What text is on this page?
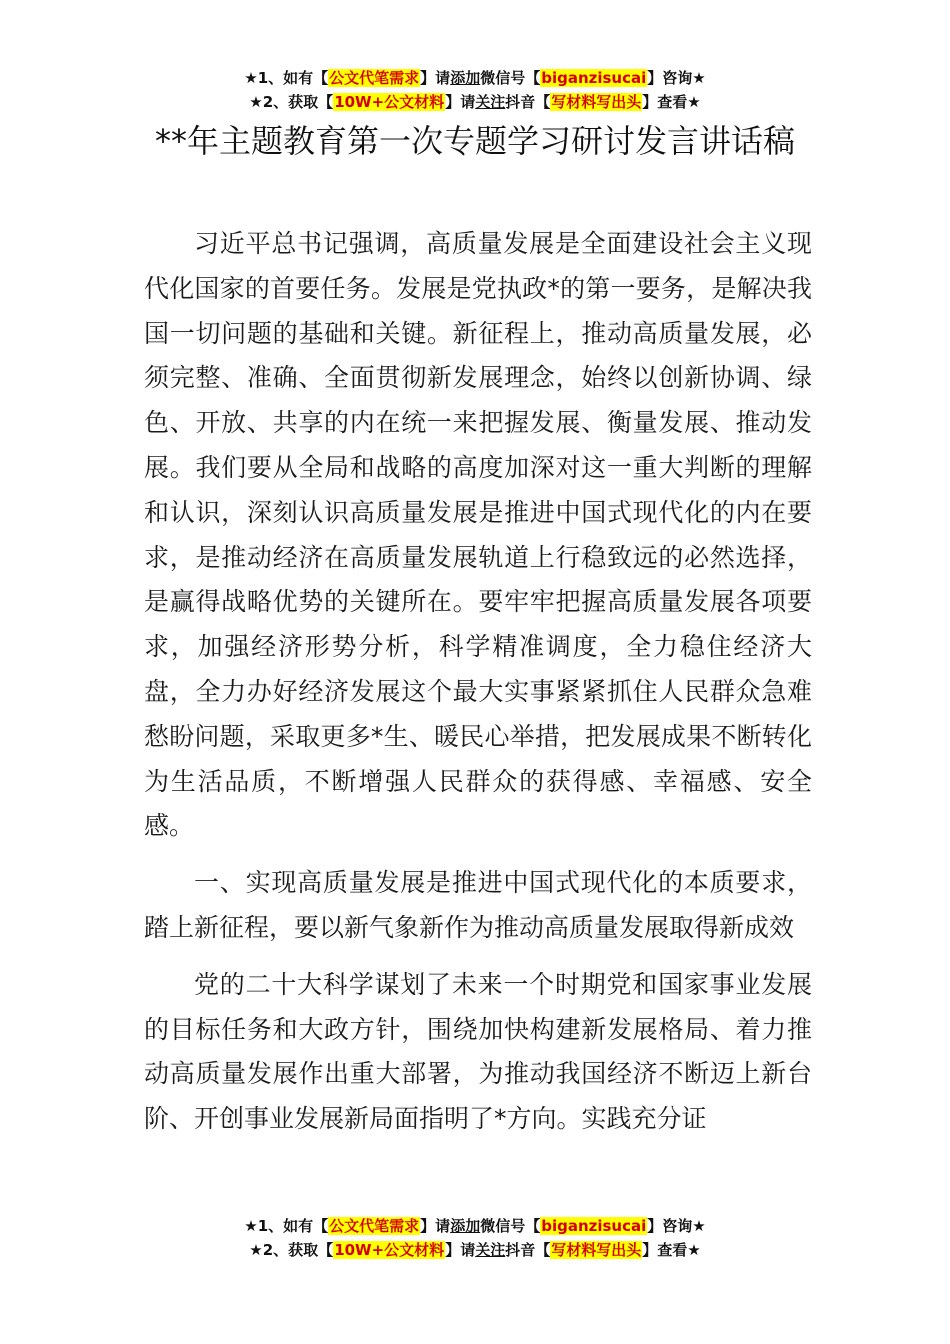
★1、如有【公文代笔需求】请添加微信号【biganzisucai】咨询★
★2、获取【10W+公文材料】请关注抖音【写材料写出头】查看★
**年主题教育第一次专题学习研讨发言讲话稿

习近平总书记强调，高质量发展是全面建设社会主义现代化国家的首要任务。发展是党执政*的第一要务，是解决我国一切问题的基础和关键。新征程上，推动高质量发展，必须完整、准确、全面贯彻新发展理念，始终以创新协调、绿色、开放、共享的内在统一来把握发展、衡量发展、推动发展。我们要从全局和战略的高度加深对这一重大判断的理解和认识，深刻认识高质量发展是推进中国式现代化的内在要求，是推动经济在高质量发展轨道上行稳致远的必然选择，是赢得战略优势的关键所在。要牢牢把握高质量发展各项要求，加强经济形势分析，科学精准调度，全力稳住经济大盘，全力办好经济发展这个最大实事紧紧抓住人民群众急难愁盼问题，采取更多*生、暖民心举措，把发展成果不断转化为生活品质，不断增强人民群众的获得感、幸福感、安全感。

一、实现高质量发展是推进中国式现代化的本质要求，踏上新征程，要以新气象新作为推动高质量发展取得新成效

党的二十大科学谋划了未来一个时期党和国家事业发展的目标任务和大政方针，围绕加快构建新发展格局、着力推动高质量发展作出重大部署，为推动我国经济不断迈上新台阶、开创事业发展新局面指明了*方向。实践充分证

★1、如有【公文代笔需求】请添加微信号【biganzisucai】咨询★
★2、获取【10W+公文材料】请关注抖音【写材料写出头】查看★
